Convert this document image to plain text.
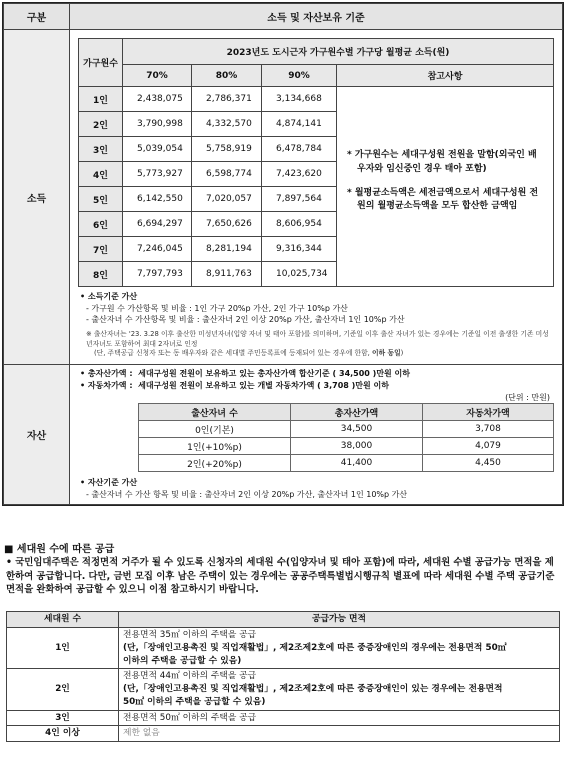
구분	소득 및 자산보유 기준
소득	
가구원수	2023년도 도시근자 가구원수별 가구당 월평균 소득(원)
70%	80%	90%	참고사항
1인	2,438,075	2,786,371	3,134,668	

* 가구원수는 세대구성원 전원을 말함(외국인 배우자와 임신중인 경우 태아 포함)

* 월평균소득액은 세전금액으로서 세대구성원 전원의 월평균소득액을 모두 합산한 금액임

2인	3,790,998	4,332,570	4,874,141
3인	5,039,054	5,758,919	6,478,784
4인	5,773,927	6,598,774	7,423,620
5인	6,142,550	7,020,057	7,897,564
6인	6,694,297	7,650,626	8,606,954
7인	7,246,045	8,281,194	9,316,344
8인	7,797,793	8,911,763	10,025,734

• 소득기준 가산

- 가구원 수 가산항목 및 비율 : 1인 가구 20%p 가산, 2인 가구 10%p 가산

- 출산자녀 수 가산항목 및 비율 : 출산자녀 2인 이상 20%p 가산, 출산자녀 1인 10%p 가산

※ 출산자녀는 '23. 3.28 이후 출산한 미성년자녀(입양 자녀 및 태아 포함)를 의미하며, 기준일 이후 출산 자녀가 있는 경우에는 기준일 이전 출생한 기존 미성년자녀도 포함하여 최대 2자녀로 인정

(단, 주택공급 신청자 또는 동 배우자와 같은 세대별 주민등록표에 등재되어 있는 경우에 한함, 이하 동일)

자산	

• 총자산가액 : 세대구성원 전원이 보유하고 있는 총자산가액 합산기준 ( 34,500 )만원 이하

• 자동차가액 : 세대구성원 전원이 보유하고 있는 개별 자동차가액 ( 3,708 )만원 이하

(단위 : 만원)

출산자녀 수	총자산가액	자동차가액
0인(기본)	34,500	3,708
1인(+10%p)	38,000	4,079
2인(+20%p)	41,400	4,450

• 자산기준 가산

- 출산자녀 수 가산 항목 및 비율 : 출산자녀 2인 이상 20%p 가산, 출산자녀 1인 10%p 가산

■ 세대원 수에 따른 공급
• 국민임대주택은 적정면적 거주가 될 수 있도록 신청자의 세대원 수(입양자녀 및 태아 포함)에 따라, 세대원 수별 공급가능 면적을 제한하여 공급합니다. 다만, 금번 모집 이후 남은 주택이 있는 경우에는 공공주택특별법시행규칙 별표에 따라 세대원 수별 주택 공급기준 면적을 완화하여 공급할 수 있으니 이점 참고하시기 바랍니다.
세대원 수	공급가능 면적
1인	전용면적 35㎡ 이하의 주택을 공급
(단,「장애인고용촉진 및 직업재활법」, 제2조제2호에 따른 중증장애인의 경우에는 전용면적 50㎡
이하의 주택을 공급할 수 있음)

2인	전용면적 44㎡ 이하의 주택을 공급
(단,「장애인고용촉진 및 직업재활법」, 제2조제2호에 따른 중증장애인이 있는 경우에는 전용면적
50㎡ 이하의 주택을 공급할 수 있음)

3인	전용면적 50㎡ 이하의 주택을 공급
4인 이상	제한 없음
